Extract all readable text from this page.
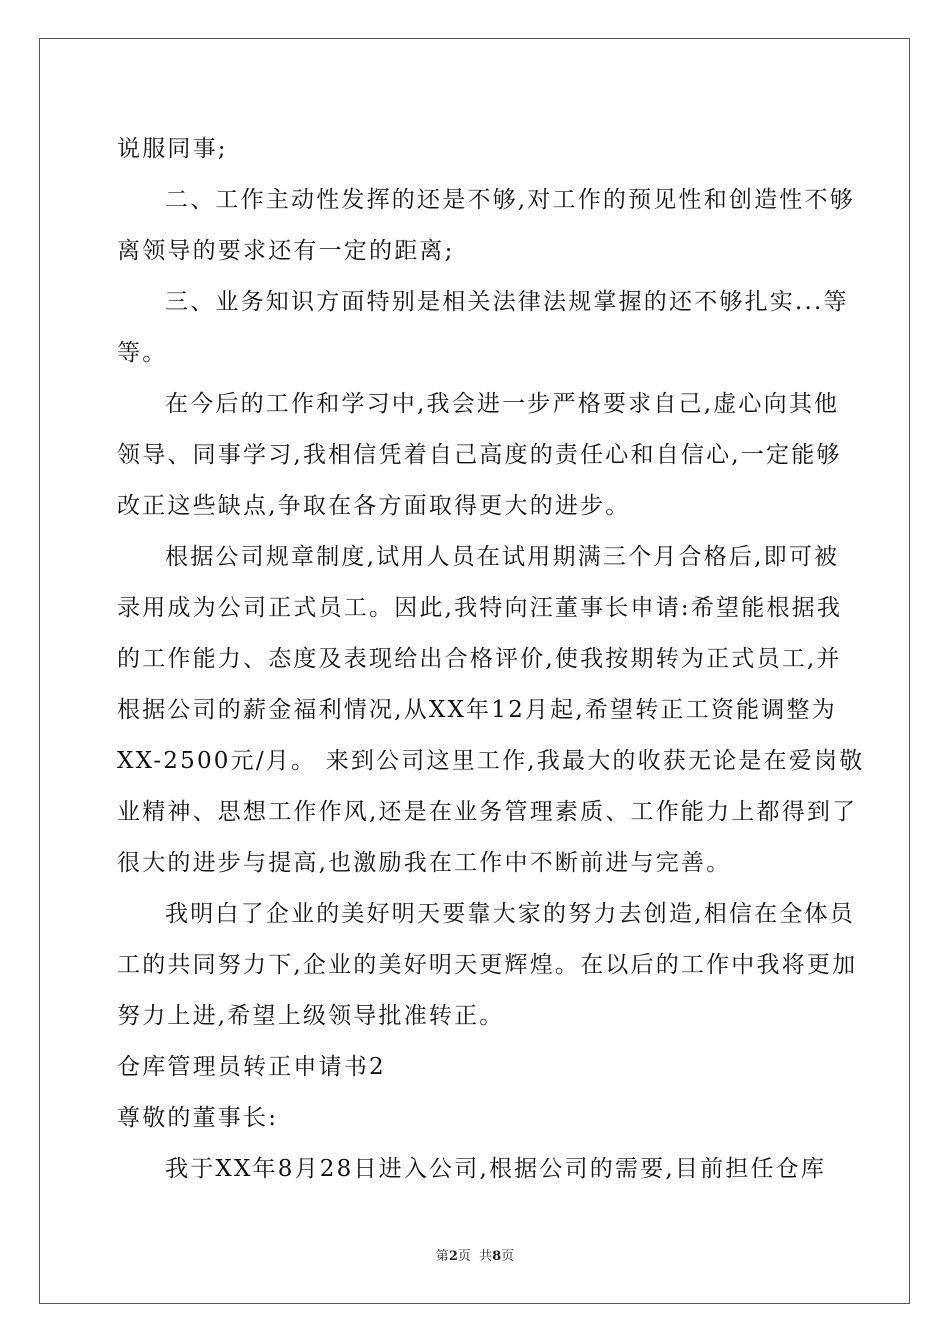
说服同事;
二、工作主动性发挥的还是不够,对工作的预见性和创造性不够
离领导的要求还有一定的距离;
三、业务知识方面特别是相关法律法规掌握的还不够扎实...等
等。
在今后的工作和学习中,我会进一步严格要求自己,虚心向其他
领导、同事学习,我相信凭着自己高度的责任心和自信心,一定能够
改正这些缺点,争取在各方面取得更大的进步。
根据公司规章制度,试用人员在试用期满三个月合格后,即可被
录用成为公司正式员工。因此,我特向汪董事长申请:希望能根据我
的工作能力、态度及表现给出合格评价,使我按期转为正式员工,并
根据公司的薪金福利情况,从XX年12月起,希望转正工资能调整为
XX-2500元/月。 来到公司这里工作,我最大的收获无论是在爱岗敬
业精神、思想工作作风,还是在业务管理素质、工作能力上都得到了
很大的进步与提高,也激励我在工作中不断前进与完善。
我明白了企业的美好明天要靠大家的努力去创造,相信在全体员
工的共同努力下,企业的美好明天更辉煌。在以后的工作中我将更加
努力上进,希望上级领导批准转正。
仓库管理员转正申请书2
尊敬的董事长:
我于XX年8月28日进入公司,根据公司的需要,目前担任仓库
第2页  共8页
